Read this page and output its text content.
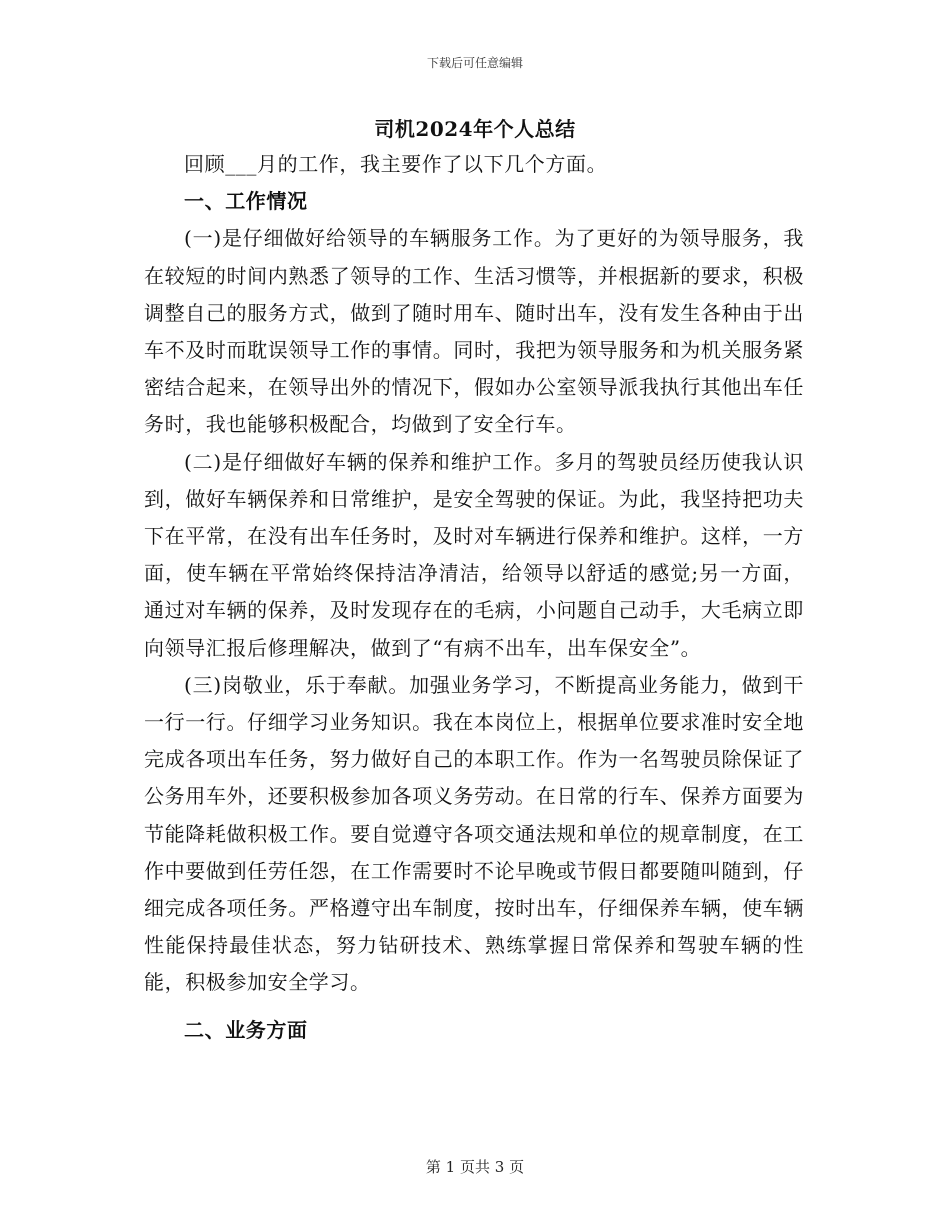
下载后可任意编辑
司机2024年个人总结

回顾___月的工作，我主要作了以下几个方面。

一、工作情况

(一)是仔细做好给领导的车辆服务工作。为了更好的为领导服务，我在较短的时间内熟悉了领导的工作、生活习惯等，并根据新的要求，积极调整自己的服务方式，做到了随时用车、随时出车，没有发生各种由于出车不及时而耽误领导工作的事情。同时，我把为领导服务和为机关服务紧密结合起来，在领导出外的情况下，假如办公室领导派我执行其他出车任务时，我也能够积极配合，均做到了安全行车。

(二)是仔细做好车辆的保养和维护工作。多月的驾驶员经历使我认识到，做好车辆保养和日常维护，是安全驾驶的保证。为此，我坚持把功夫下在平常，在没有出车任务时，及时对车辆进行保养和维护。这样，一方面，使车辆在平常始终保持洁净清洁，给领导以舒适的感觉;另一方面，通过对车辆的保养，及时发现存在的毛病，小问题自己动手，大毛病立即向领导汇报后修理解决，做到了“有病不出车，出车保安全”。

(三)岗敬业，乐于奉献。加强业务学习，不断提高业务能力，做到干一行一行。仔细学习业务知识。我在本岗位上，根据单位要求准时安全地完成各项出车任务，努力做好自己的本职工作。作为一名驾驶员除保证了公务用车外，还要积极参加各项义务劳动。在日常的行车、保养方面要为节能降耗做积极工作。要自觉遵守各项交通法规和单位的规章制度，在工作中要做到任劳任怨，在工作需要时不论早晚或节假日都要随叫随到，仔细完成各项任务。严格遵守出车制度，按时出车，仔细保养车辆，使车辆性能保持最佳状态，努力钻研技术、熟练掌握日常保养和驾驶车辆的性能，积极参加安全学习。

二、业务方面

第 1 页共 3 页
